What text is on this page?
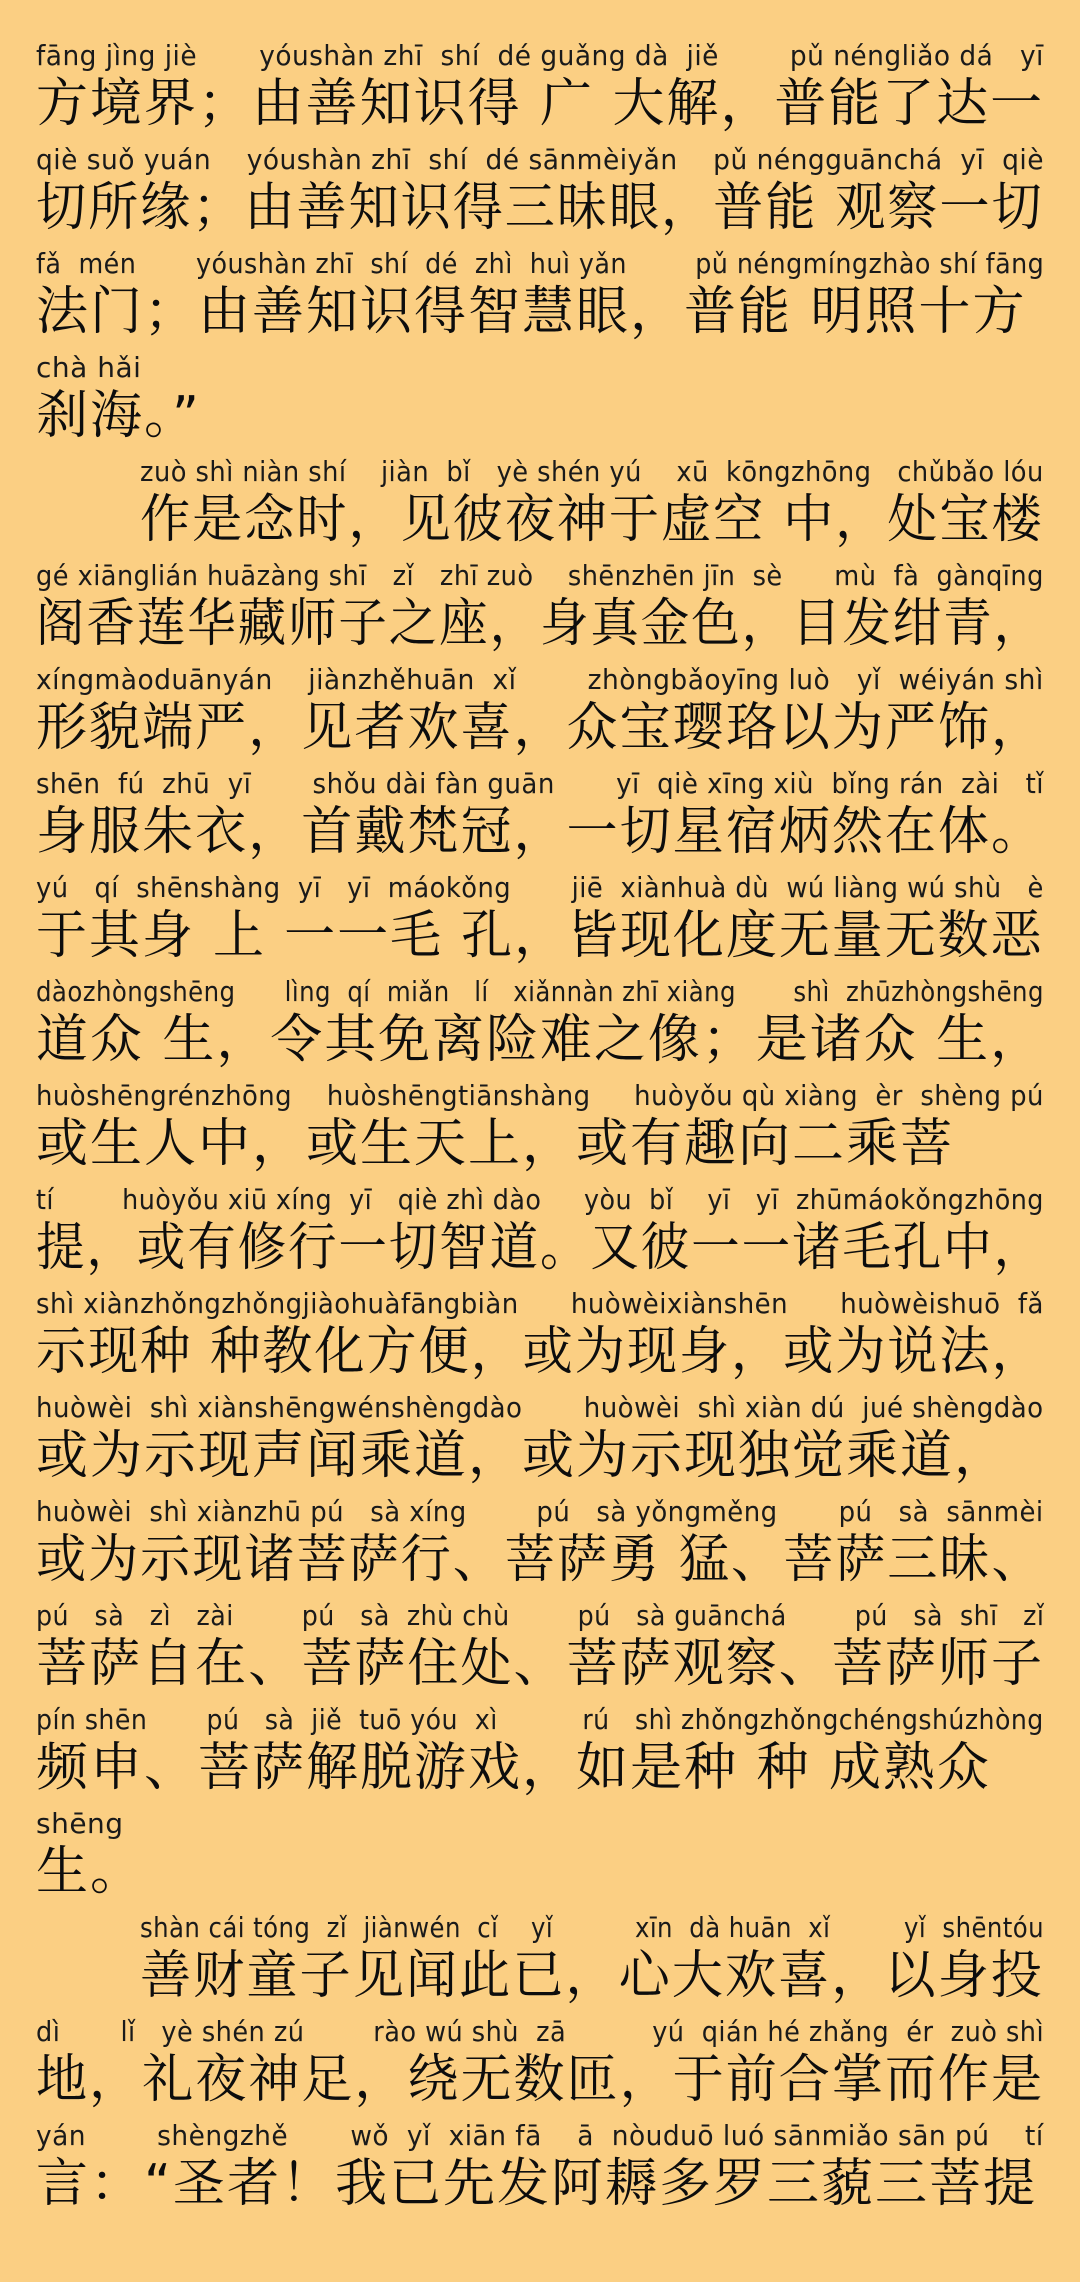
fāng jìng jiè       yóushàn zhī  shí  dé guǎng dà  jiě        pǔ néngliǎo dá   yī
方境界；由善知识得 广 大解，普能了达一
qiè suǒ yuán    yóushàn zhī  shí  dé sānmèiyǎn    pǔ néngguānchá  yī  qiè
切所缘；由善知识得三昧眼，普能 观察一切
fǎ  mén       yóushàn zhī  shí  dé  zhì  huì yǎn        pǔ néngmíngzhào shí fāng
法门；由善知识得智慧眼，普能 明照十方
chà hǎi
刹海。”
zuò shì niàn shí    jiàn  bǐ   yè shén yú    xū  kōngzhōng   chǔbǎo lóu
作是念时，见彼夜神于虚空 中，处宝楼
gé xiānglián huāzàng shī   zǐ   zhī zuò    shēnzhēn jīn  sè      mù  fà  gànqīng
阁香莲华藏师子之座，身真金色，目发绀青，
xíngmàoduānyán    jiànzhěhuān  xǐ        zhòngbǎoyīng luò   yǐ  wéiyán shì
形貌端严，见者欢喜，众宝璎珞以为严饰，
shēn  fú  zhū  yī       shǒu dài fàn guān       yī  qiè xīng xiù  bǐng rán  zài   tǐ
身服朱衣，首戴梵冠，一切星宿炳然在体。
yú   qí  shēnshàng  yī   yī  máokǒng       jiē  xiànhuà dù  wú liàng wú shù   è
于其身 上 一一毛 孔，皆现化度无量无数恶
dàozhòngshēng      lìng  qí  miǎn   lí   xiǎnnàn zhī xiàng       shì  zhūzhòngshēng
道众 生，令其免离险难之像；是诸众 生，
huòshēngrénzhōng    huòshēngtiānshàng     huòyǒu qù xiàng  èr  shèng pú
或生人中，或生天上，或有趣向二乘菩
tí        huòyǒu xiū xíng  yī   qiè zhì dào     yòu  bǐ    yī   yī  zhūmáokǒngzhōng
提，或有修行一切智道。又彼一一诸毛孔中，
shì xiànzhǒngzhǒngjiàohuàfāngbiàn      huòwèixiànshēn      huòwèishuō  fǎ
示现种 种教化方便，或为现身，或为说法，
huòwèi  shì xiànshēngwénshèngdào       huòwèi  shì xiàn dú  jué shèngdào
或为示现声闻乘道，或为示现独觉乘道，
huòwèi  shì xiànzhū pú   sà xíng        pú   sà yǒngměng       pú   sà  sānmèi
或为示现诸菩萨行、菩萨勇 猛、菩萨三昧、
pú   sà   zì   zài        pú   sà  zhù chù        pú   sà guānchá        pú   sà  shī   zǐ
菩萨自在、菩萨住处、菩萨观察、菩萨师子
pín shēn       pú   sà  jiě  tuō yóu  xì          rú   shì zhǒngzhǒngchéngshúzhòng
频申、菩萨解脱游戏，如是种 种 成熟众
shēng
生。
shàn cái tóng  zǐ  jiànwén  cǐ    yǐ          xīn  dà huān  xǐ         yǐ  shēntóu
善财童子见闻此已，心大欢喜，以身投
dì       lǐ   yè shén zú        rào wú shù  zā          yú  qián hé zhǎng  ér  zuò shì
地，礼夜神足，绕无数匝，于前合掌而作是
yán        shèngzhě       wǒ  yǐ  xiān fā    ā  nòuduō luó sānmiǎo sān pú    tí
言：“圣者！我已先发阿耨多罗三藐三菩提
